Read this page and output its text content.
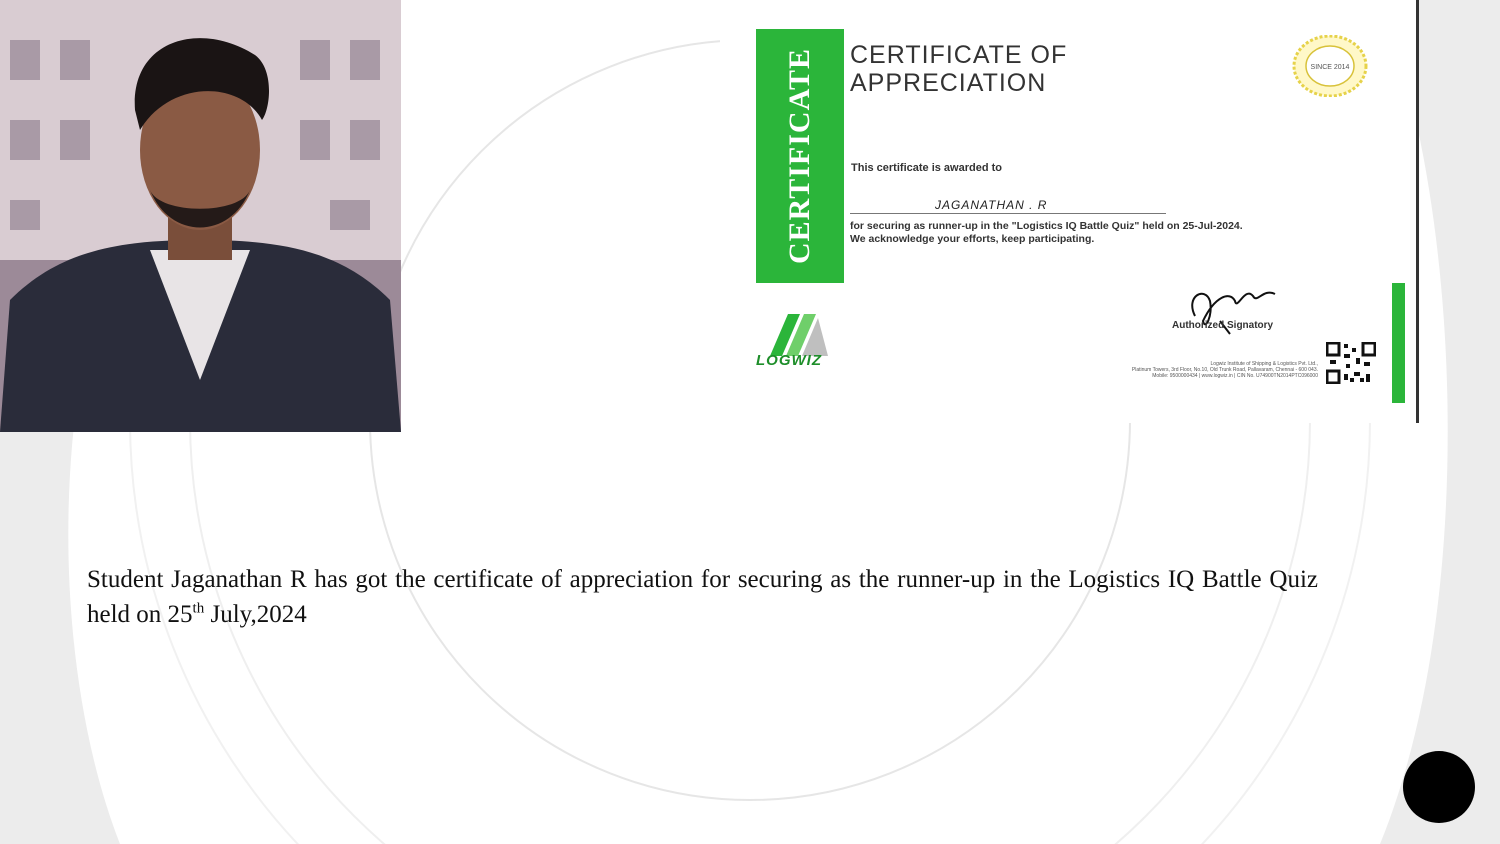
CERTIFICATE CERTIFICATE OF
APPRECIATION
SINCE 2014
This certificate is awarded to
JAGANATHAN . R
for securing as runner-up in the "Logistics IQ Battle Quiz" held on 25-Jul-2024.
We acknowledge your efforts, keep participating.
Authorized Signatory
LOGWIZ	Logwiz Institute of Shipping & Logistics Pvt. Ltd.,
Platinum Towers, 3rd Floor, No.10, Old Trunk Road, Pallavaram, Chennai - 600 043.
Mobile: 9500000434 | www.logwiz.in | CIN No. U74900TN2014PTC096000
Student Jaganathan R has got the certificate of appreciation for securing as the runner-up in the Logistics IQ Battle Quiz held on 25th July,2024
